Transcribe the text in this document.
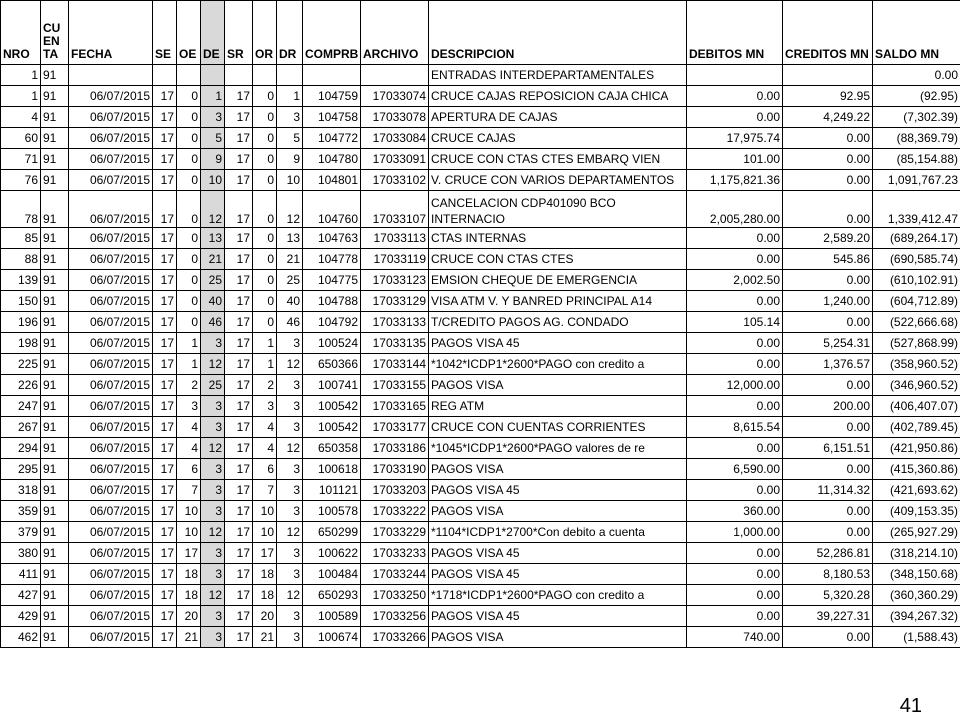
NRO	CU EN TA	FECHA	SE	OE	DE	SR	OR	DR	COMPRB	ARCHIVO	DESCRIPCION	DEBITOS MN	CREDITOS MN	SALDO MN
1	91										ENTRADAS INTERDEPARTAMENTALES			0.00
1	91	06/07/2015	17	0	1	17	0	1	104759	17033074	CRUCE CAJAS REPOSICION CAJA CHICA	0.00	92.95	(92.95)
4	91	06/07/2015	17	0	3	17	0	3	104758	17033078	APERTURA DE CAJAS	0.00	4,249.22	(7,302.39)
60	91	06/07/2015	17	0	5	17	0	5	104772	17033084	CRUCE CAJAS	17,975.74	0.00	(88,369.79)
71	91	06/07/2015	17	0	9	17	0	9	104780	17033091	CRUCE CON CTAS CTES EMBARQ VIEN	101.00	0.00	(85,154.88)
76	91	06/07/2015	17	0	10	17	0	10	104801	17033102	V. CRUCE CON VARIOS DEPARTAMENTOS	1,175,821.36	0.00	1,091,767.23
78	91	06/07/2015	17	0	12	17	0	12	104760	17033107	CANCELACION CDP401090 BCO INTERNACIO	2,005,280.00	0.00	1,339,412.47
85	91	06/07/2015	17	0	13	17	0	13	104763	17033113	CTAS INTERNAS	0.00	2,589.20	(689,264.17)
88	91	06/07/2015	17	0	21	17	0	21	104778	17033119	CRUCE CON CTAS CTES	0.00	545.86	(690,585.74)
139	91	06/07/2015	17	0	25	17	0	25	104775	17033123	EMSION CHEQUE DE EMERGENCIA	2,002.50	0.00	(610,102.91)
150	91	06/07/2015	17	0	40	17	0	40	104788	17033129	VISA ATM V. Y BANRED PRINCIPAL A14	0.00	1,240.00	(604,712.89)
196	91	06/07/2015	17	0	46	17	0	46	104792	17033133	T/CREDITO PAGOS AG. CONDADO	105.14	0.00	(522,666.68)
198	91	06/07/2015	17	1	3	17	1	3	100524	17033135	PAGOS VISA 45	0.00	5,254.31	(527,868.99)
225	91	06/07/2015	17	1	12	17	1	12	650366	17033144	*1042*ICDP1*2600*PAGO con credito a	0.00	1,376.57	(358,960.52)
226	91	06/07/2015	17	2	25	17	2	3	100741	17033155	PAGOS VISA	12,000.00	0.00	(346,960.52)
247	91	06/07/2015	17	3	3	17	3	3	100542	17033165	REG ATM	0.00	200.00	(406,407.07)
267	91	06/07/2015	17	4	3	17	4	3	100542	17033177	CRUCE CON CUENTAS CORRIENTES	8,615.54	0.00	(402,789.45)
294	91	06/07/2015	17	4	12	17	4	12	650358	17033186	*1045*ICDP1*2600*PAGO valores de re	0.00	6,151.51	(421,950.86)
295	91	06/07/2015	17	6	3	17	6	3	100618	17033190	PAGOS VISA	6,590.00	0.00	(415,360.86)
318	91	06/07/2015	17	7	3	17	7	3	101121	17033203	PAGOS VISA 45	0.00	11,314.32	(421,693.62)
359	91	06/07/2015	17	10	3	17	10	3	100578	17033222	PAGOS VISA	360.00	0.00	(409,153.35)
379	91	06/07/2015	17	10	12	17	10	12	650299	17033229	*1104*ICDP1*2700*Con debito a cuenta	1,000.00	0.00	(265,927.29)
380	91	06/07/2015	17	17	3	17	17	3	100622	17033233	PAGOS VISA 45	0.00	52,286.81	(318,214.10)
411	91	06/07/2015	17	18	3	17	18	3	100484	17033244	PAGOS VISA 45	0.00	8,180.53	(348,150.68)
427	91	06/07/2015	17	18	12	17	18	12	650293	17033250	*1718*ICDP1*2600*PAGO con credito a	0.00	5,320.28	(360,360.29)
429	91	06/07/2015	17	20	3	17	20	3	100589	17033256	PAGOS VISA 45	0.00	39,227.31	(394,267.32)
462	91	06/07/2015	17	21	3	17	21	3	100674	17033266	PAGOS VISA	740.00	0.00	(1,588.43)
41
